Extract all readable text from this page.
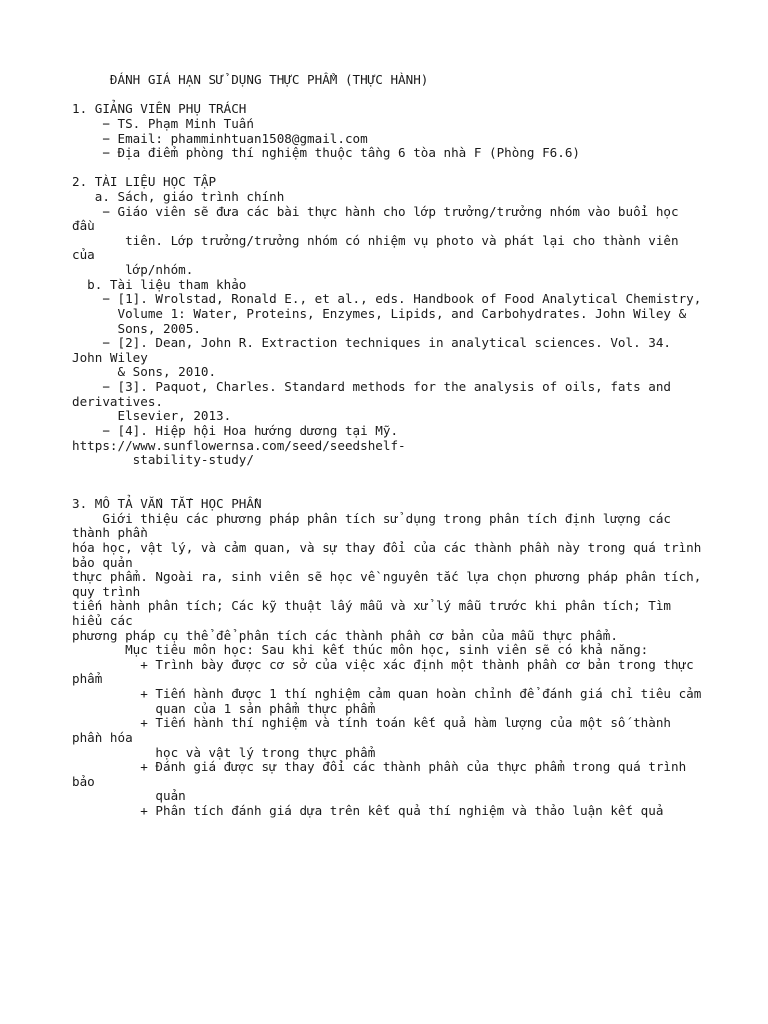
ĐÁNH GIÁ HẠN SỬ DỤNG THỰC PHẨM (THỰC HÀNH)
1. GIẢNG VIÊN PHỤ TRÁCH
− TS. Phạm Minh Tuấn
− Email: phamminhtuan1508@gmail.com
− Địa điểm phòng thí nghiệm thuộc tầng 6 tòa nhà F (Phòng F6.6)
2. TÀI LIỆU HỌC TẬP
a. Sách, giáo trình chính
− Giáo viên sẽ đưa các bài thực hành cho lớp trưởng/trưởng nhóm vào buổi học
đầu
tiên. Lớp trưởng/trưởng nhóm có nhiệm vụ photo và phát lại cho thành viên
của
lớp/nhóm.
b. Tài liệu tham khảo
− [1]. Wrolstad, Ronald E., et al., eds. Handbook of Food Analytical Chemistry,
Volume 1: Water, Proteins, Enzymes, Lipids, and Carbohydrates. John Wiley &
Sons, 2005.
− [2]. Dean, John R. Extraction techniques in analytical sciences. Vol. 34.
John Wiley
& Sons, 2010.
− [3]. Paquot, Charles. Standard methods for the analysis of oils, fats and
derivatives.
Elsevier, 2013.
− [4]. Hiệp hội Hoa hướng dương tại Mỹ.
https://www.sunflowernsa.com/seed/seedshelf-
stability-study/
3. MÔ TẢ VẮN TẮT HỌC PHẦN
Giới thiệu các phương pháp phân tích sử dụng trong phân tích định lượng các
thành phần
hóa học, vật lý, và cảm quan, và sự thay đổi của các thành phần này trong quá trình
bảo quản
thực phẩm. Ngoài ra, sinh viên sẽ học về nguyên tắc lựa chọn phương pháp phân tích,
quy trình
tiến hành phân tích; Các kỹ thuật lấy mẫu và xử lý mẫu trước khi phân tích; Tìm
hiểu các
phương pháp cụ thể để phân tích các thành phần cơ bản của mẫu thực phẩm.
Mục tiêu môn học: Sau khi kết thúc môn học, sinh viên sẽ có khả năng:
+ Trình bày được cơ sở của việc xác định một thành phần cơ bản trong thực
phẩm
+ Tiến hành được 1 thí nghiệm cảm quan hoàn chỉnh để đánh giá chỉ tiêu cảm
quan của 1 sản phẩm thực phẩm
+ Tiến hành thí nghiệm và tính toán kết quả hàm lượng của một số thành
phần hóa
học và vật lý trong thực phẩm
+ Đánh giá được sự thay đổi các thành phần của thực phẩm trong quá trình
bảo
quản
+ Phân tích đánh giá dựa trên kết quả thí nghiệm và thảo luận kết quả
